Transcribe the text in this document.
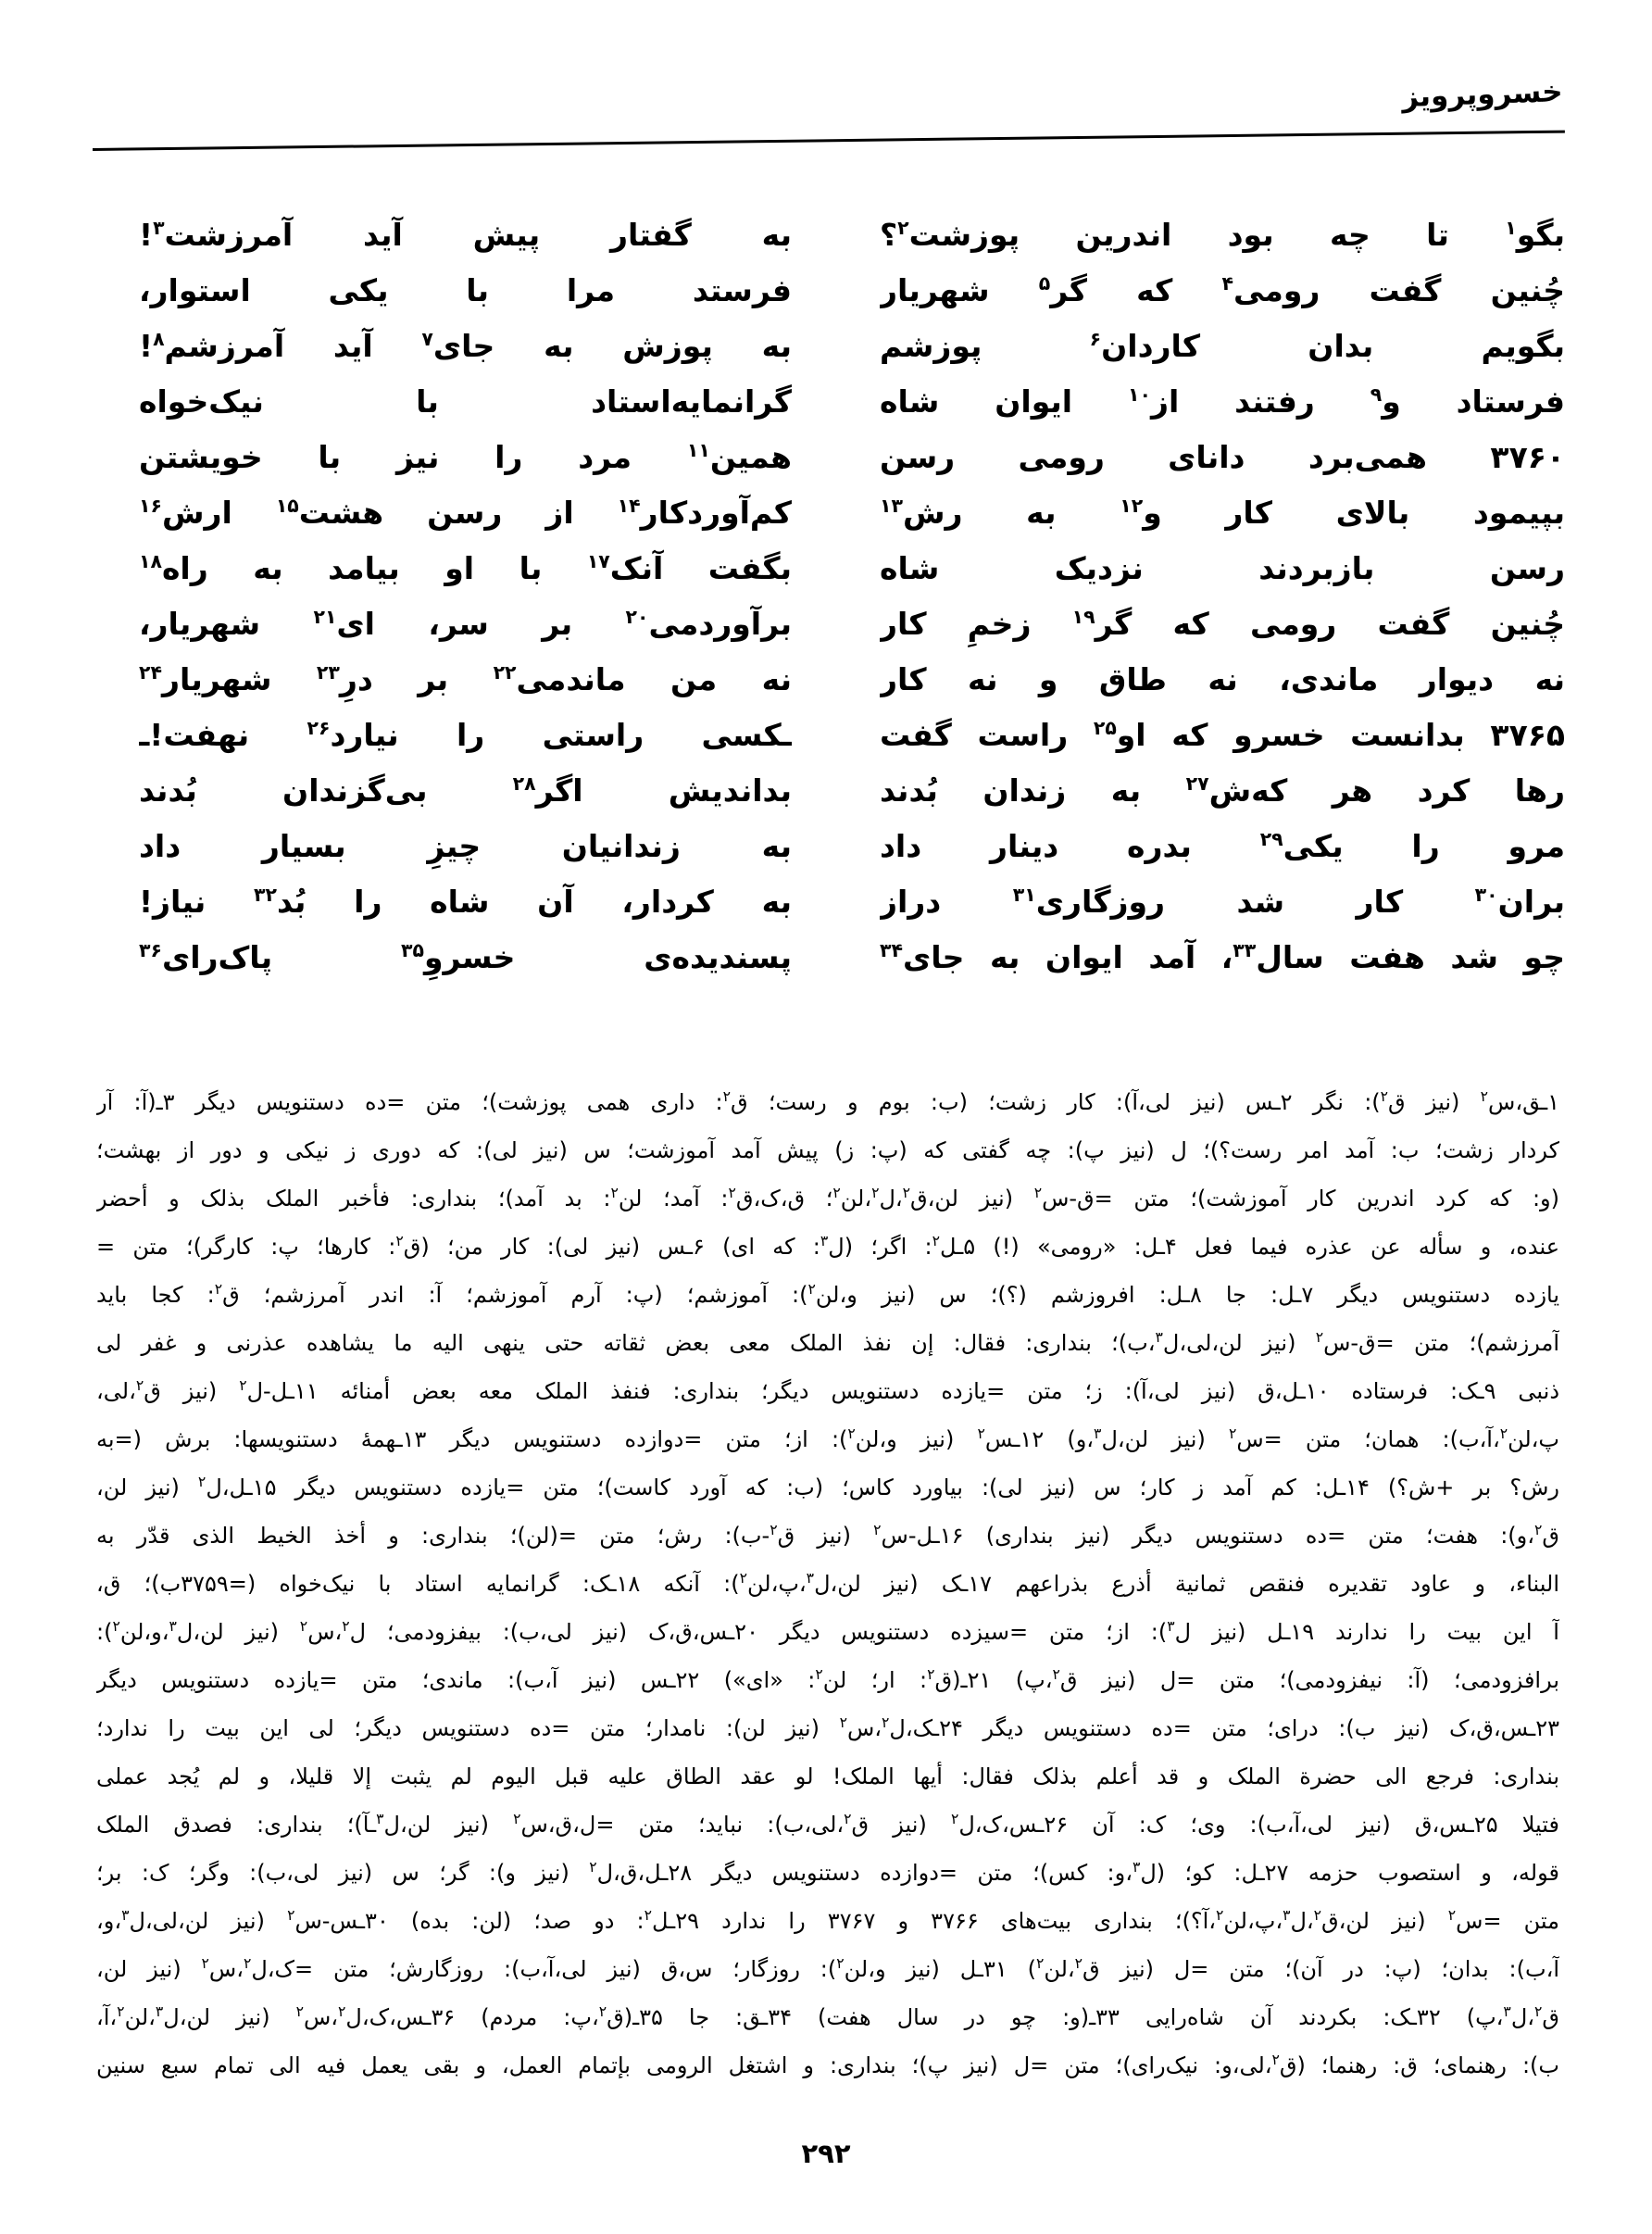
خسروپرویز
بگو$^۱$ تا چه بود اندرین پوزشت$^۲$؟
به گفتار پیش آید آمرزشت$^۳$!
چُنین گفت رومی$^۴$ که گر$^۵$ شهریار
فرستد مرا با یکی استوار،
بگویم بدان کاردان$^۶$ پوزشم
به پوزش به جای$^۷$ آید آمرزشم$^۸$!
فرستاد و$^۹$ رفتند از$^{۱۰}$ ایوان شاه
گرانمایه‌استاد با نیک‌خواه
۳۷۶۰ همی‌برد دانای رومی رسن
همین$^{۱۱}$ مرد را نیز با خویشتن
بپیمود بالای کار و$^{۱۲}$ به رش$^{۱۳}$
کم‌آوردکار$^{۱۴}$ از رسن هشت$^{۱۵}$ ارش$^{۱۶}$
رسن بازبردند نزدیک شاه
بگفت آنک$^{۱۷}$ با او بیامد به راه$^{۱۸}$
چُنین گفت رومی که گر$^{۱۹}$ زخمِ کار
برآوردمی$^{۲۰}$ بر سر، ای$^{۲۱}$ شهریار،
نه دیوار ماندی، نه طاق و نه کار
نه من ماندمی$^{۲۲}$ بر درِ$^{۲۳}$ شهریار$^{۲۴}$
۳۷۶۵ بدانست خسرو که او$^{۲۵}$ راست گفت
ـکسی راستی را نیارد$^{۲۶}$ نهفت!ـ
رها کرد هر که‌ش$^{۲۷}$ به زندان بُدند
بداندیش اگر$^{۲۸}$ بی‌گزندان بُدند
مرو را یکی$^{۲۹}$ بدره دینار داد
به زندانیان چیزِ بسیار داد
بران$^{۳۰}$ کار شد روزگاری$^{۳۱}$ دراز
به کردار، آن شاه را بُد$^{۳۲}$ نیاز!
چو شد هفت سال$^{۳۳}$، آمد ایوان به جای$^{۳۴}$
پسندیده‌ی خسروِ$^{۳۵}$ پاک‌رای$^{۳۶}$
۱ـق،س$^۲$ (نیز ق$^۲$): نگر ۲ـس (نیز لی،آ): کار زشت؛ (ب: بوم و رست؛ ق$^۲$: داری همی پوزشت)؛ متن =ده دستنویس دیگر ۳ـ(آ: آر
کردار زشت؛ ب: آمد امر رست؟)؛ ل (نیز پ): چه گفتی که (پ: ز) پیش آمد آموزشت؛ س (نیز لی): که دوری ز نیکی و دور از بهشت؛
(و: که کرد اندرین کار آموزشت)؛ متن =ق-س$^۲$ (نیز لن،ق$^۲$،ل$^۲$،لن$^۲$؛ ق،ک،ق$^۲$: آمد؛ لن$^۲$: بد آمد)؛ بنداری: فأخبر الملک بذلک و أحضر
عنده، و سأله عن عذره فیما فعل ۴ـل: «رومی» (!) ۵ـل$^۲$: اگر؛ (ل$^۳$: که ای) ۶ـس (نیز لی): کار من؛ (ق$^۲$: کارها؛ پ: کارگر)؛ متن =
یازده دستنویس دیگر ۷ـل: جا ۸ـل: افروزشم (؟)؛ س (نیز و،لن$^۲$): آموزشم؛ (پ: آرم آموزشم؛ آ: اندر آمرزشم؛ ق$^۲$: کجا باید
آمرزشم)؛ متن =ق-س$^۲$ (نیز لن،لی،ل$^۳$،ب)؛ بنداری: فقال: إن نفذ الملک معی بعض ثقاته حتی ینهی الیه ما یشاهده عذرنی و غفر لی
ذنبی ۹ـک: فرستاده ۱۰ـل،ق (نیز لی،آ): ز؛ متن =یازده دستنویس دیگر؛ بنداری: فنفذ الملک معه بعض أمنائه ۱۱ـل-ل$^۲$ (نیز ق$^۲$،لی،
پ،لن$^۲$،آ،ب): همان؛ متن =س$^۲$ (نیز لن،ل$^۳$،و) ۱۲ـس$^۲$ (نیز و،لن$^۲$): از؛ متن =دوازده دستنویس دیگر ۱۳ـهمهٔ دستنویسها: برش (=به
رش؟ بر +ش؟) ۱۴ـل: کم آمد ز کار؛ س (نیز لی): بیاورد کاس؛ (ب: که آورد کاست)؛ متن =یازده دستنویس دیگر ۱۵ـل،ل$^۲$ (نیز لن،
ق$^۲$،و): هفت؛ متن =ده دستنویس دیگر (نیز بنداری) ۱۶ـل-س$^۲$ (نیز ق$^۲$-ب): رش؛ متن =(لن)؛ بنداری: و أخذ الخیط الذی قدّر به
البناء، و عاود تقدیره فنقص ثمانیة أذرع بذراعهم ۱۷ـک (نیز لن،ل$^۳$،پ،لن$^۲$): آنکه ۱۸ـک: گرانمایه استاد با نیک‌خواه (=۳۷۵۹ب)؛ ق،
آ این بیت را ندارند ۱۹ـل (نیز ل$^۳$): از؛ متن =سیزده دستنویس دیگر ۲۰ـس،ق،ک (نیز لی،ب): بیفزودمی؛ ل$^۲$،س$^۲$ (نیز لن،ل$^۳$،و،لن$^۲$):
برافزودمی؛ (آ: نیفزودمی)؛ متن =ل (نیز ق$^۲$،پ) ۲۱ـ(ق$^۲$: ار؛ لن$^۲$: «ای») ۲۲ـس (نیز آ،ب): ماندی؛ متن =یازده دستنویس دیگر
۲۳ـس،ق،ک (نیز ب): درای؛ متن =ده دستنویس دیگر ۲۴ـک،ل$^۲$،س$^۲$ (نیز لن): نامدار؛ متن =ده دستنویس دیگر؛ لی این بیت را ندارد؛
بنداری: فرجع الی حضرة الملک و قد أعلم بذلک فقال: أیها الملک! لو عقد الطاق علیه قبل الیوم لم یثبت إلا قلیلا، و لم یُجد عملی
فتیلا ۲۵ـس،ق (نیز لی،آ،ب): وی؛ ک: آن ۲۶ـس،ک،ل$^۲$ (نیز ق$^۲$،لی،ب): نباید؛ متن =ل،ق،س$^۲$ (نیز لن،ل$^۳$ـآ)؛ بنداری: فصدق الملک
قوله، و استصوب حزمه ۲۷ـل: کو؛ (ل$^۳$،و: کس)؛ متن =دوازده دستنویس دیگر ۲۸ـل،ق،ل$^۲$ (نیز و): گر؛ س (نیز لی،ب): وگر؛ ک: بر؛
متن =س$^۲$ (نیز لن،ق$^۲$،ل$^۳$،پ،لن$^۲$،آ؟)؛ بنداری بیت‌های ۳۷۶۶ و ۳۷۶۷ را ندارد ۲۹ـل$^۲$: دو صد؛ (لن: بده) ۳۰ـس-س$^۲$ (نیز لن،لی،ل$^۳$،و،
آ،ب): بدان؛ (پ: در آن)؛ متن =ل (نیز ق$^۲$،لن$^۲$) ۳۱ـل (نیز و،لن$^۲$): روزگار؛ س،ق (نیز لی،آ،ب): روزگارش؛ متن =ک،ل$^۲$،س$^۲$ (نیز لن،
ق$^۲$،ل$^۳$،پ) ۳۲ـک: بکردند آن شاه‌رایی ۳۳ـ(و: چو در سال هفت) ۳۴ـق: جا ۳۵ـ(ق$^۲$،پ: مردم) ۳۶ـس،ک،ل$^۲$،س$^۲$ (نیز لن،ل$^۳$،لن$^۲$،آ،
ب): رهنمای؛ ق: رهنما؛ (ق$^۲$،لی،و: نیک‌رای)؛ متن =ل (نیز پ)؛ بنداری: و اشتغل الرومی بإتمام العمل، و بقی یعمل فیه الی تمام سبع سنین
۲۹۲
